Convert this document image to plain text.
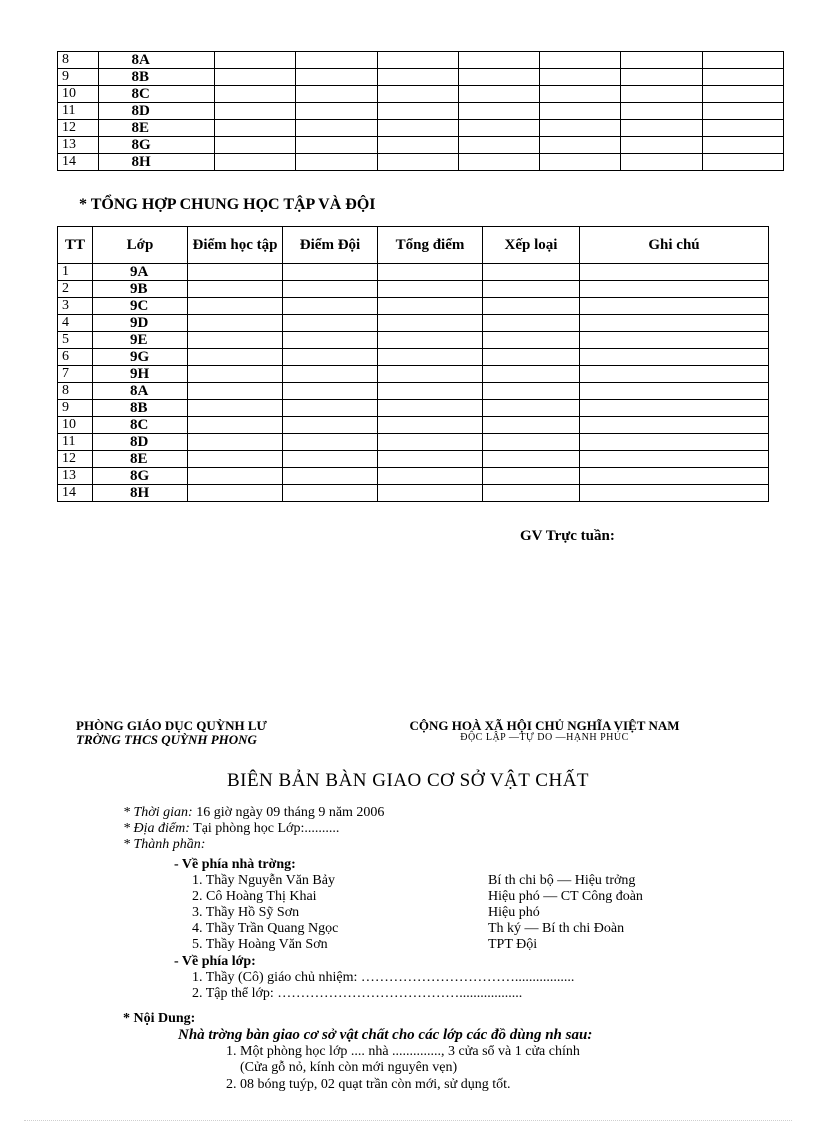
8	8A							
9	8B							
10	8C							
11	8D							
12	8E							
13	8G							
14	8H							
* TỔNG HỢP CHUNG HỌC TẬP VÀ ĐỘI
TT	Lớp	Điểm học tập	Điểm Đội	Tổng điểm	Xếp loại	Ghi chú
1	9A					
2	9B					
3	9C					
4	9D					
5	9E					
6	9G					
7	9H					
8	8A					
9	8B					
10	8C					
11	8D					
12	8E					
13	8G					
14	8H					
GV Trực tuần:
PHÒNG GIÁO DỤC QUỲNH LƯ
TRỜNG THCS QUỲNH PHONG
CỘNG HOÀ XÃ HỘI CHỦ NGHĨA VIỆT NAM
ĐỘC LẬP —TỰ DO —HẠNH PHÚC
BIÊN BẢN BÀN GIAO CƠ SỞ VẬT CHẤT
* Thời gian: 16 giờ ngày 09 tháng 9 năm 2006
* Địa điểm: Tại phòng học Lớp:..........
* Thành phần:
- Về phía nhà trờng:
1. Thầy Nguyễn Văn Bảy	Bí th chi bộ — Hiệu trởng
2. Cô Hoàng Thị Khai	Hiệu phó — CT Công đoàn
3. Thầy Hồ Sỹ Sơn	Hiệu phó
4. Thầy Trần Quang Ngọc	Th ký — Bí th chi Đoàn
5. Thầy Hoàng Văn Sơn	TPT Đội
- Về phía lớp:
1. Thầy (Cô) giáo chủ nhiệm: …………………………….................
2. Tập thể lớp: …………………………………..................
* Nội Dung:
Nhà trờng bàn giao cơ sở vật chất cho các lớp các đồ dùng nh sau:
1. Một phòng học lớp .... nhà .............., 3 cửa sổ và 1 cửa chính
(Cửa gỗ nỏ, kính còn mới nguyên vẹn)
2. 08 bóng tuýp, 02 quạt trần còn mới, sử dụng tốt.
